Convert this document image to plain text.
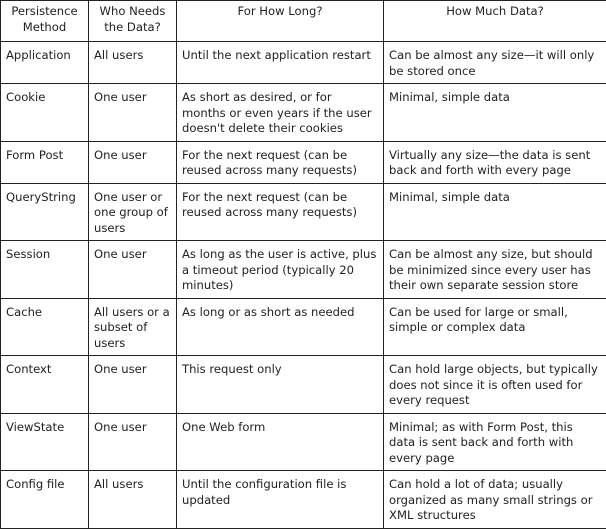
Persistence Method	Who Needs the Data?	For How Long?	How Much Data?
Application	All users	Until the next application restart	Can be almost any size—it will only be stored once
Cookie	One user	As short as desired, or for months or even years if the user doesn't delete their cookies	Minimal, simple data
Form Post	One user	For the next request (can be reused across many requests)	Virtually any size—the data is sent back and forth with every page
QueryString	One user or one group of users	For the next request (can be reused across many requests)	Minimal, simple data
Session	One user	As long as the user is active, plus a timeout period (typically 20 minutes)	Can be almost any size, but should be minimized since every user has their own separate session store
Cache	All users or a subset of users	As long or as short as needed	Can be used for large or small, simple or complex data
Context	One user	This request only	Can hold large objects, but typically does not since it is often used for every request
ViewState	One user	One Web form	Minimal; as with Form Post, this data is sent back and forth with every page
Config file	All users	Until the configuration file is updated	Can hold a lot of data; usually organized as many small strings or XML structures
